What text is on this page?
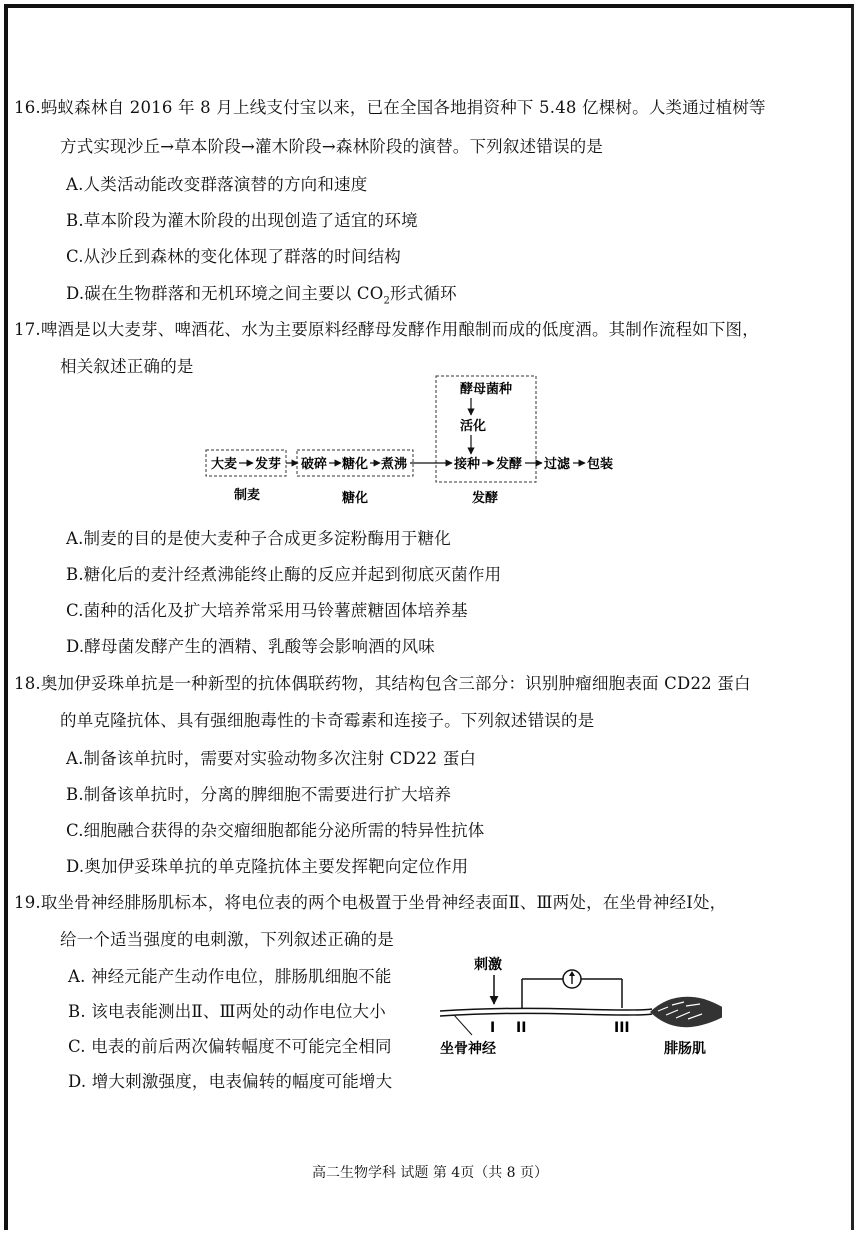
16.蚂蚁森林自 2016 年 8 月上线支付宝以来，已在全国各地捐资种下 5.48 亿棵树。人类通过植树等
方式实现沙丘→草本阶段→灌木阶段→森林阶段的演替。下列叙述错误的是
A.人类活动能改变群落演替的方向和速度
B.草本阶段为灌木阶段的出现创造了适宜的环境
C.从沙丘到森林的变化体现了群落的时间结构
D.碳在生物群落和无机环境之间主要以 $CO_2$形式循环
17.啤酒是以大麦芽、啤酒花、水为主要原料经酵母发酵作用酿制而成的低度酒。其制作流程如下图，
相关叙述正确的是
酵母菌种
活化
大麦 发芽 破碎 糖化 煮沸	接种 发酵 过滤 包装
制麦	糖化	发酵
A.制麦的目的是使大麦种子合成更多淀粉酶用于糖化
B.糖化后的麦汁经煮沸能终止酶的反应并起到彻底灭菌作用
C.菌种的活化及扩大培养常采用马铃薯蔗糖固体培养基
D.酵母菌发酵产生的酒精、乳酸等会影响酒的风味
18.奥加伊妥珠单抗是一种新型的抗体偶联药物，其结构包含三部分：识别肿瘤细胞表面 CD22 蛋白
的单克隆抗体、具有强细胞毒性的卡奇霉素和连接子。下列叙述错误的是
A.制备该单抗时，需要对实验动物多次注射 CD22 蛋白
B.制备该单抗时，分离的脾细胞不需要进行扩大培养
C.细胞融合获得的杂交瘤细胞都能分泌所需的特异性抗体
D.奥加伊妥珠单抗的单克隆抗体主要发挥靶向定位作用
19.取坐骨神经腓肠肌标本，将电位表的两个电极置于坐骨神经表面Ⅱ、Ⅲ两处，在坐骨神经Ⅰ处，
给一个适当强度的电刺激，下列叙述正确的是
A. 神经元能产生动作电位，腓肠肌细胞不能
B. 该电表能测出Ⅱ、Ⅲ两处的动作电位大小
C. 电表的前后两次偏转幅度不可能完全相同
D. 增大刺激强度，电表偏转的幅度可能增大
刺激
I II	III
坐骨神经	腓肠肌
高二生物学科 试题 第 4页（共 8 页）
